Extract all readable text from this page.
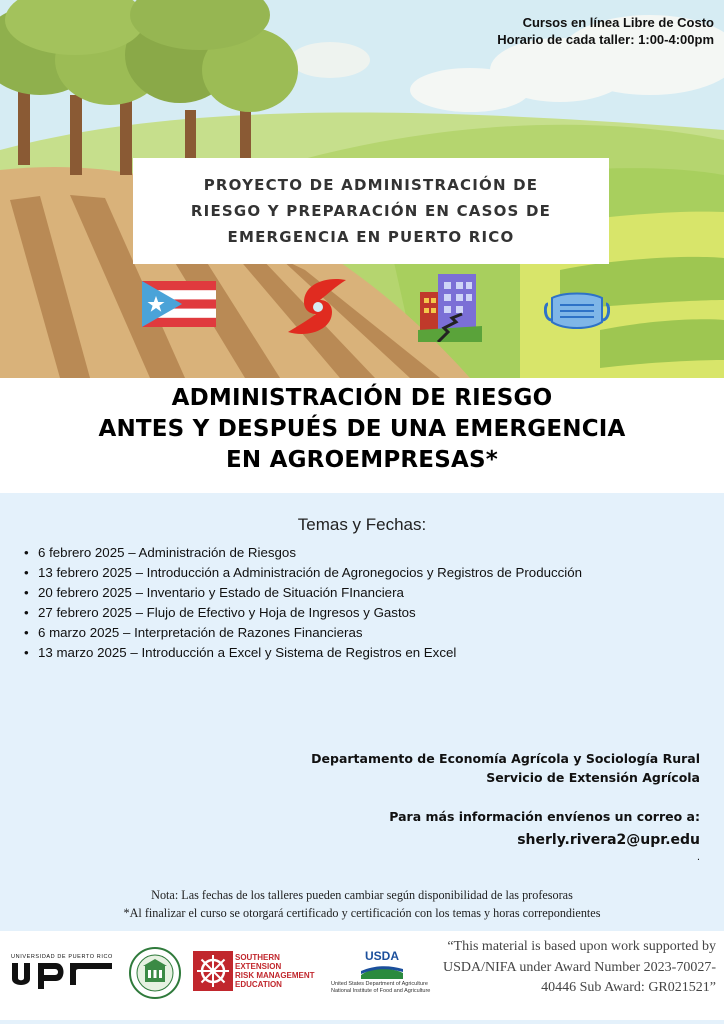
Cursos en línea Libre de Costo
Horario de cada taller: 1:00-4:00pm

PROYECTO DE ADMINISTRACIÓN DE
RIESGO Y PREPARACIÓN EN CASOS DE
EMERGENCIA EN PUERTO RICO

ADMINISTRACIÓN DE RIESGO
ANTES Y DESPUÉS DE UNA EMERGENCIA
EN AGROEMPRESAS*
Temas y Fechas:
• 6 febrero 2025 – Administración de Riesgos
• 13 febrero 2025 – Introducción a Administración de Agronegocios y Registros de Producción
• 20 febrero 2025 – Inventario y Estado de Situación FInanciera
• 27 febrero 2025 – Flujo de Efectivo y Hoja de Ingresos y Gastos
• 6 marzo 2025 – Interpretación de Razones Financieras
• 13 marzo 2025 – Introducción a Excel y Sistema de Registros en Excel
Departamento de Economía Agrícola y Sociología Rural
Servicio de Extensión Agrícola
Para más información envíenos un correo a:
sherly.rivera2@upr.edu
.
Nota: Las fechas de los talleres pueden cambiar según disponibilidad de las profesoras
*Al finalizar el curso se otorgará certificado y certificación con los temas y horas correpondientes
UNIVERSIDAD DE PUERTO RICO	SOUTHERN
EXTENSION
RISK MANAGEMENT
EDUCATION
USDA
United States Department of Agriculture
National Institute of Food and Agriculture
“This material is based upon work supported by USDA/NIFA under Award Number 2023-70027-40446 Sub Award: GR021521”
